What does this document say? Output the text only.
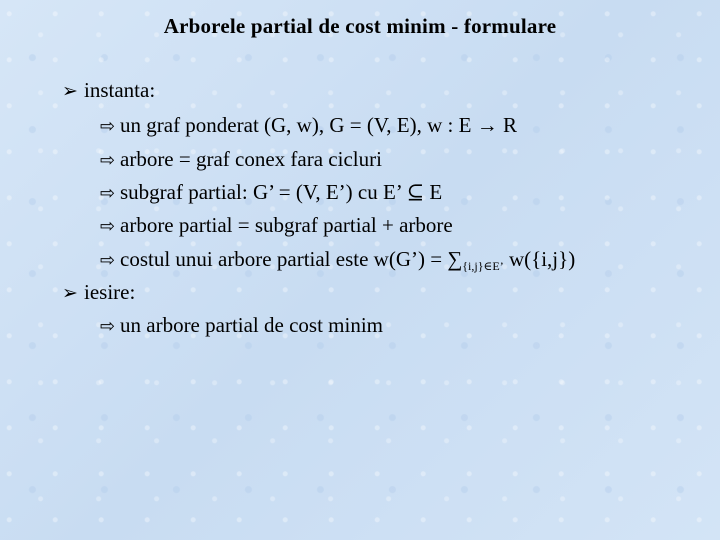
Arborele partial de cost minim - formulare
➢ instanta:
⇨ un graf ponderat (G, w), G = (V, E), w : E → R
⇨ arbore = graf conex fara cicluri
⇨ subgraf partial: G’ = (V, E’) cu E’ ⊆ E
⇨ arbore partial = subgraf partial + arbore
⇨ costul unui arbore partial este w(G’) = $\sum_{\{i,j\}\in E’}$ w({i,j})
➢ iesire:
⇨ un arbore partial de cost minim
